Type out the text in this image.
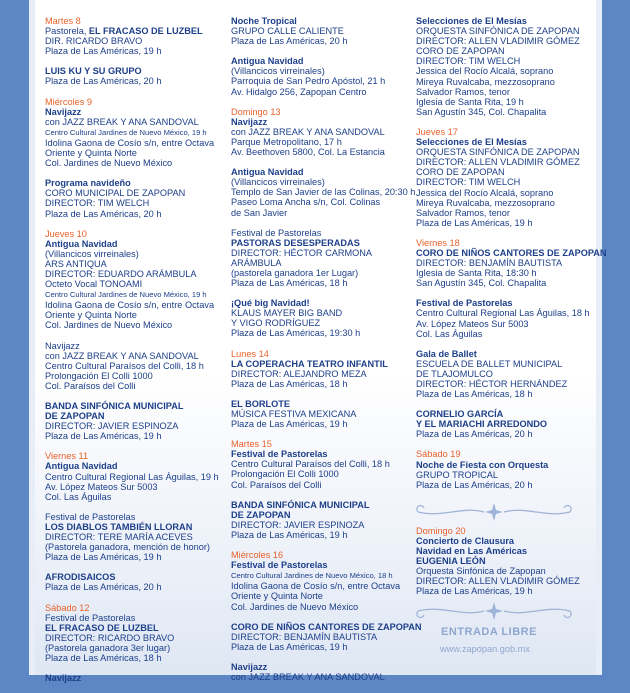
Martes 8
Pastorela, EL FRACASO DE LUZBEL
DIR. RICARDO BRAVO
Plaza de Las Américas, 19 h
LUIS KU Y SU GRUPO
Plaza de Las Américas, 20 h
Miércoles 9
Navijazz
con JAZZ BREAK Y ANA SANDOVAL
Centro Cultural Jardines de Nuevo México, 19 h
Idolina Gaona de Cosío s/n, entre Octava
Oriente y Quinta Norte
Col. Jardines de Nuevo México
Programa navideño
CORO MUNICIPAL DE ZAPOPAN
DIRECTOR: TIM WELCH
Plaza de Las Américas, 20 h
Jueves 10
Antigua Navidad
(Villancicos virreinales)
ARS ANTIQUA
DIRECTOR: EDUARDO ARÁMBULA
Octeto Vocal TONOAMI
Centro Cultural Jardines de Nuevo México, 19 h
Idolina Gaona de Cosío s/n, entre Octava
Oriente y Quinta Norte
Col. Jardines de Nuevo México
Navijazz
con JAZZ BREAK Y ANA SANDOVAL
Centro Cultural Paraísos del Colli, 18 h
Prolongación El Colli 1000
Col. Paraísos del Colli
BANDA SINFÓNICA MUNICIPAL
DE ZAPOPAN
DIRECTOR: JAVIER ESPINOZA
Plaza de Las Américas, 19 h
Viernes 11
Antigua Navidad
Centro Cultural Regional Las Águilas, 19 h
Av. López Mateos Sur 5003
Col. Las Águilas
Festival de Pastorelas
LOS DIABLOS TAMBIÉN LLORAN
DIRECTOR: TERE MARÍA ACEVES
(Pastorela ganadora, mención de honor)
Plaza de Las Américas, 19 h
AFRODISAICOS
Plaza de Las Américas, 20 h
Sábado 12
Festival de Pastorelas
EL FRACASO DE LUZBEL
DIRECTOR: RICARDO BRAVO
(Pastorela ganadora 3er lugar)
Plaza de Las Américas, 18 h
Navijazz
Noche Tropical
GRUPO CALLE CALIENTE
Plaza de Las Américas, 20 h
Antigua Navidad
(Villancicos virreinales)
Parroquia de San Pedro Apóstol, 21 h
Av. Hidalgo 256, Zapopan Centro
Domingo 13
Navijazz
con JAZZ BREAK Y ANA SANDOVAL
Parque Metropolitano, 17 h
Av. Beethoven 5800, Col. La Estancia
Antigua Navidad
(Villancicos virreinales)
Templo de San Javier de las Colinas, 20:30 h
Paseo Loma Ancha s/n, Col. Colinas
de San Javier
Festival de Pastorelas
PASTORAS DESESPERADAS
DIRECTOR: HÉCTOR CARMONA
ARÁMBULA
(pastorela ganadora 1er Lugar)
Plaza de Las Américas, 18 h
¡Qué big Navidad!
KLAUS MAYER BIG BAND
Y VIGO RODRÍGUEZ
Plaza de Las Américas, 19:30 h
Lunes 14
LA COPERACHA TEATRO INFANTIL
DIRECTOR: ALEJANDRO MEZA
Plaza de Las Américas, 18 h
EL BORLOTE
MÚSICA FESTIVA MEXICANA
Plaza de Las Américas, 19 h
Martes 15
Festival de Pastorelas
Centro Cultural Paraísos del Colli, 18 h
Prolongación El Colli 1000
Col. Paraísos del Colli
BANDA SINFÓNICA MUNICIPAL
DE ZAPOPAN
DIRECTOR: JAVIER ESPINOZA
Plaza de Las Américas, 19 h
Miércoles 16
Festival de Pastorelas
Centro Cultural Jardines de Nuevo México, 18 h
Idolina Gaona de Cosío s/n, entre Octava
Oriente y Quinta Norte
Col. Jardines de Nuevo México
CORO DE NIÑOS CANTORES DE ZAPOPAN
DIRECTOR: BENJAMÍN BAUTISTA
Plaza de Las Américas, 19 h
Navijazz
con JAZZ BREAK Y ANA SANDOVAL
Selecciones de El Mesías
ORQUESTA SINFÓNICA DE ZAPOPAN
DIRECTOR: ALLEN VLADIMIR GÓMEZ
CORO DE ZAPOPAN
DIRECTOR: TIM WELCH
Jessica del Rocío Alcalá, soprano
Mireya Ruvalcaba, mezzosoprano
Salvador Ramos, tenor
Iglesia de Santa Rita, 19 h
San Agustín 345, Col. Chapalita
Jueves 17
Selecciones de El Mesías
ORQUESTA SINFÓNICA DE ZAPOPAN
DIRECTOR: ALLEN VLADIMIR GÓMEZ
CORO DE ZAPOPAN
DIRECTOR: TIM WELCH
Jessica del Rocío Alcalá, soprano
Mireya Ruvalcaba, mezzosoprano
Salvador Ramos, tenor
Plaza de Las Américas, 19 h
Viernes 18
CORO DE NIÑOS CANTORES DE ZAPOPAN
DIRECTOR: BENJAMÍN BAUTISTA
Iglesia de Santa Rita, 18:30 h
San Agustín 345, Col. Chapalita
Festival de Pastorelas
Centro Cultural Regional Las Águilas, 18 h
Av. López Mateos Sur 5003
Col. Las Águilas
Gala de Ballet
ESCUELA DE BALLET MUNICIPAL
DE TLAJOMULCO
DIRECTOR: HÉCTOR HERNÁNDEZ
Plaza de Las Américas, 18 h
CORNELIO GARCÍA
Y EL MARIACHI ARREDONDO
Plaza de Las Américas, 20 h
Sábado 19
Noche de Fiesta con Orquesta
GRUPO TROPICAL
Plaza de Las Américas, 20 h
Domingo 20
Concierto de Clausura
Navidad en Las Américas
EUGENIA LEÓN
Orquesta Sinfónica de Zapopan
DIRECTOR: ALLEN VLADIMIR GÓMEZ
Plaza de Las Américas, 19 h
ENTRADA LIBRE
www.zapopan.gob.mx
